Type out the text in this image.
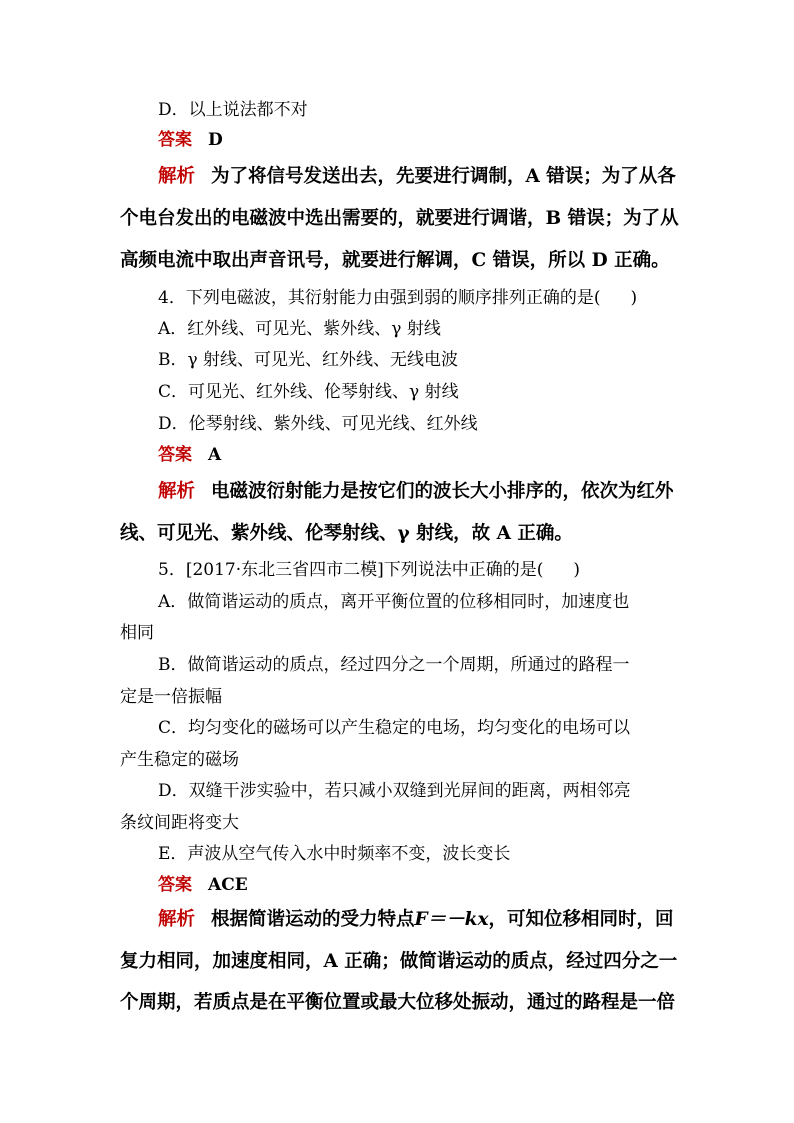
D．以上说法都不对
答案 D
解析 为了将信号发送出去，先要进行调制，A 错误；为了从各
个电台发出的电磁波中选出需要的，就要进行调谐，B 错误；为了从
高频电流中取出声音讯号，就要进行解调，C 错误，所以 D 正确。
4．下列电磁波，其衍射能力由强到弱的顺序排列正确的是( )
A．红外线、可见光、紫外线、γ 射线
B．γ 射线、可见光、红外线、无线电波
C．可见光、红外线、伦琴射线、γ 射线
D．伦琴射线、紫外线、可见光线、红外线
答案 A
解析 电磁波衍射能力是按它们的波长大小排序的，依次为红外
线、可见光、紫外线、伦琴射线、γ 射线，故 A 正确。
5．[2017·东北三省四市二模]下列说法中正确的是( )
A．做简谐运动的质点，离开平衡位置的位移相同时，加速度也
相同
B．做简谐运动的质点，经过四分之一个周期，所通过的路程一
定是一倍振幅
C．均匀变化的磁场可以产生稳定的电场，均匀变化的电场可以
产生稳定的磁场
D．双缝干涉实验中，若只减小双缝到光屏间的距离，两相邻亮
条纹间距将变大
E．声波从空气传入水中时频率不变，波长变长
答案 ACE
解析 根据简谐运动的受力特点F＝－kx，可知位移相同时，回
复力相同，加速度相同，A 正确；做简谐运动的质点，经过四分之一
个周期，若质点是在平衡位置或最大位移处振动，通过的路程是一倍
